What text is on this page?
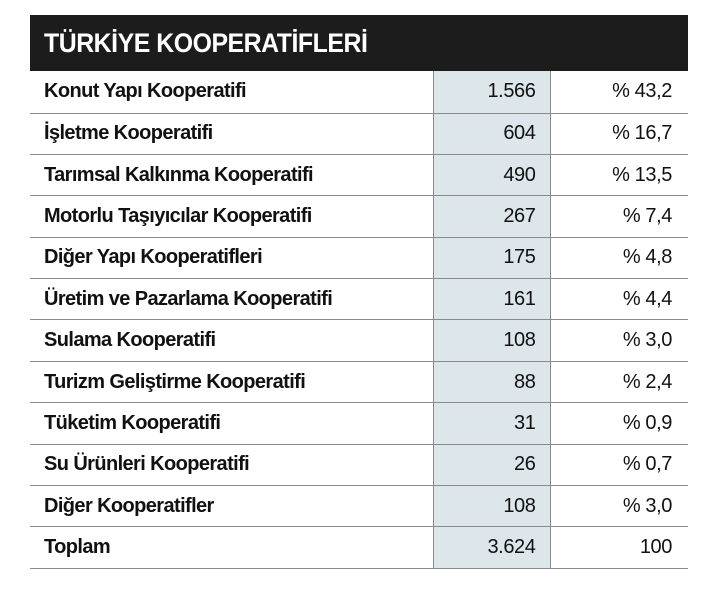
TÜRKİYE KOOPERATİFLERİ
Konut Yapı Kooperatifi	1.566	% 43,2
İşletme Kooperatifi	604	% 16,7
Tarımsal Kalkınma Kooperatifi	490	% 13,5
Motorlu Taşıyıcılar Kooperatifi	267	% 7,4
Diğer Yapı Kooperatifleri	175	% 4,8
Üretim ve Pazarlama Kooperatifi	161	% 4,4
Sulama Kooperatifi	108	% 3,0
Turizm Geliştirme Kooperatifi	88	% 2,4
Tüketim Kooperatifi	31	% 0,9
Su Ürünleri Kooperatifi	26	% 0,7
Diğer Kooperatifler	108	% 3,0
Toplam	3.624	100
